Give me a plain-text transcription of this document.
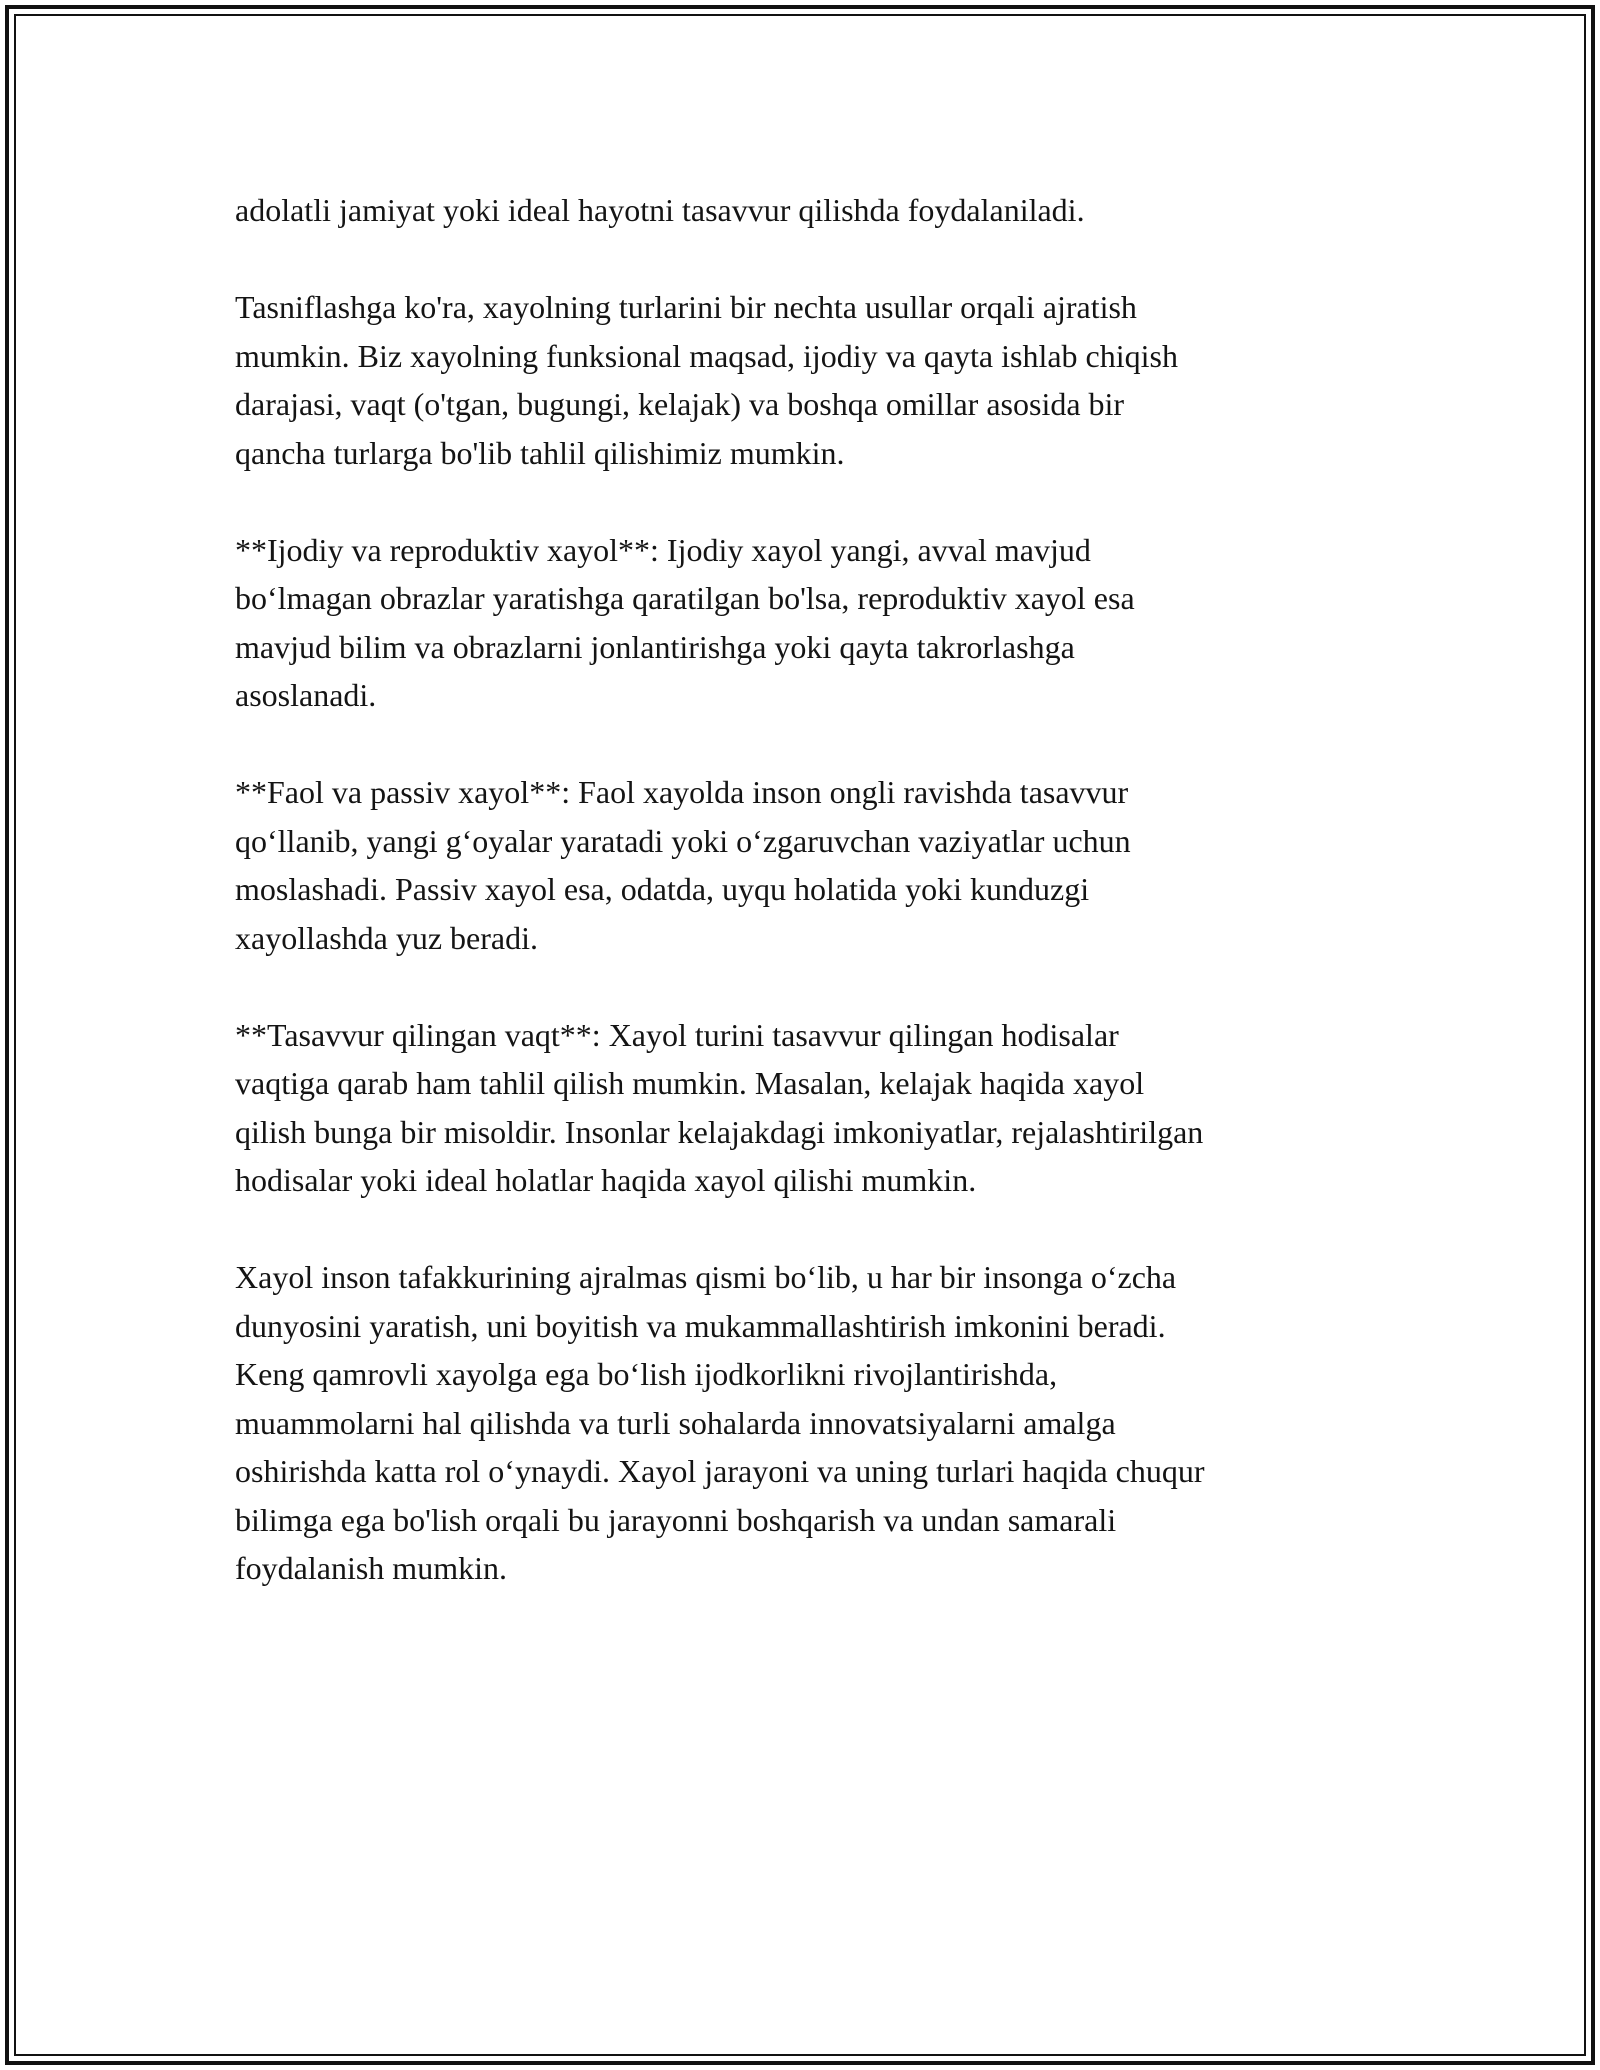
adolatli jamiyat yoki ideal hayotni tasavvur qilishda foydalaniladi.

Tasniflashga ko'ra, xayolning turlarini bir nechta usullar orqali ajratish
mumkin. Biz xayolning funksional maqsad, ijodiy va qayta ishlab chiqish
darajasi, vaqt (o'tgan, bugungi, kelajak) va boshqa omillar asosida bir
qancha turlarga bo'lib tahlil qilishimiz mumkin.

**Ijodiy va reproduktiv xayol**: Ijodiy xayol yangi, avval mavjud
bo‘lmagan obrazlar yaratishga qaratilgan bo'lsa, reproduktiv xayol esa
mavjud bilim va obrazlarni jonlantirishga yoki qayta takrorlashga
asoslanadi.

**Faol va passiv xayol**: Faol xayolda inson ongli ravishda tasavvur
qo‘llanib, yangi g‘oyalar yaratadi yoki o‘zgaruvchan vaziyatlar uchun
moslashadi. Passiv xayol esa, odatda, uyqu holatida yoki kunduzgi
xayollashda yuz beradi.

**Tasavvur qilingan vaqt**: Xayol turini tasavvur qilingan hodisalar
vaqtiga qarab ham tahlil qilish mumkin. Masalan, kelajak haqida xayol
qilish bunga bir misoldir. Insonlar kelajakdagi imkoniyatlar, rejalashtirilgan
hodisalar yoki ideal holatlar haqida xayol qilishi mumkin.

Xayol inson tafakkurining ajralmas qismi bo‘lib, u har bir insonga o‘zcha
dunyosini yaratish, uni boyitish va mukammallashtirish imkonini beradi.
Keng qamrovli xayolga ega bo‘lish ijodkorlikni rivojlantirishda,
muammolarni hal qilishda va turli sohalarda innovatsiyalarni amalga
oshirishda katta rol o‘ynaydi. Xayol jarayoni va uning turlari haqida chuqur
bilimga ega bo'lish orqali bu jarayonni boshqarish va undan samarali
foydalanish mumkin.
